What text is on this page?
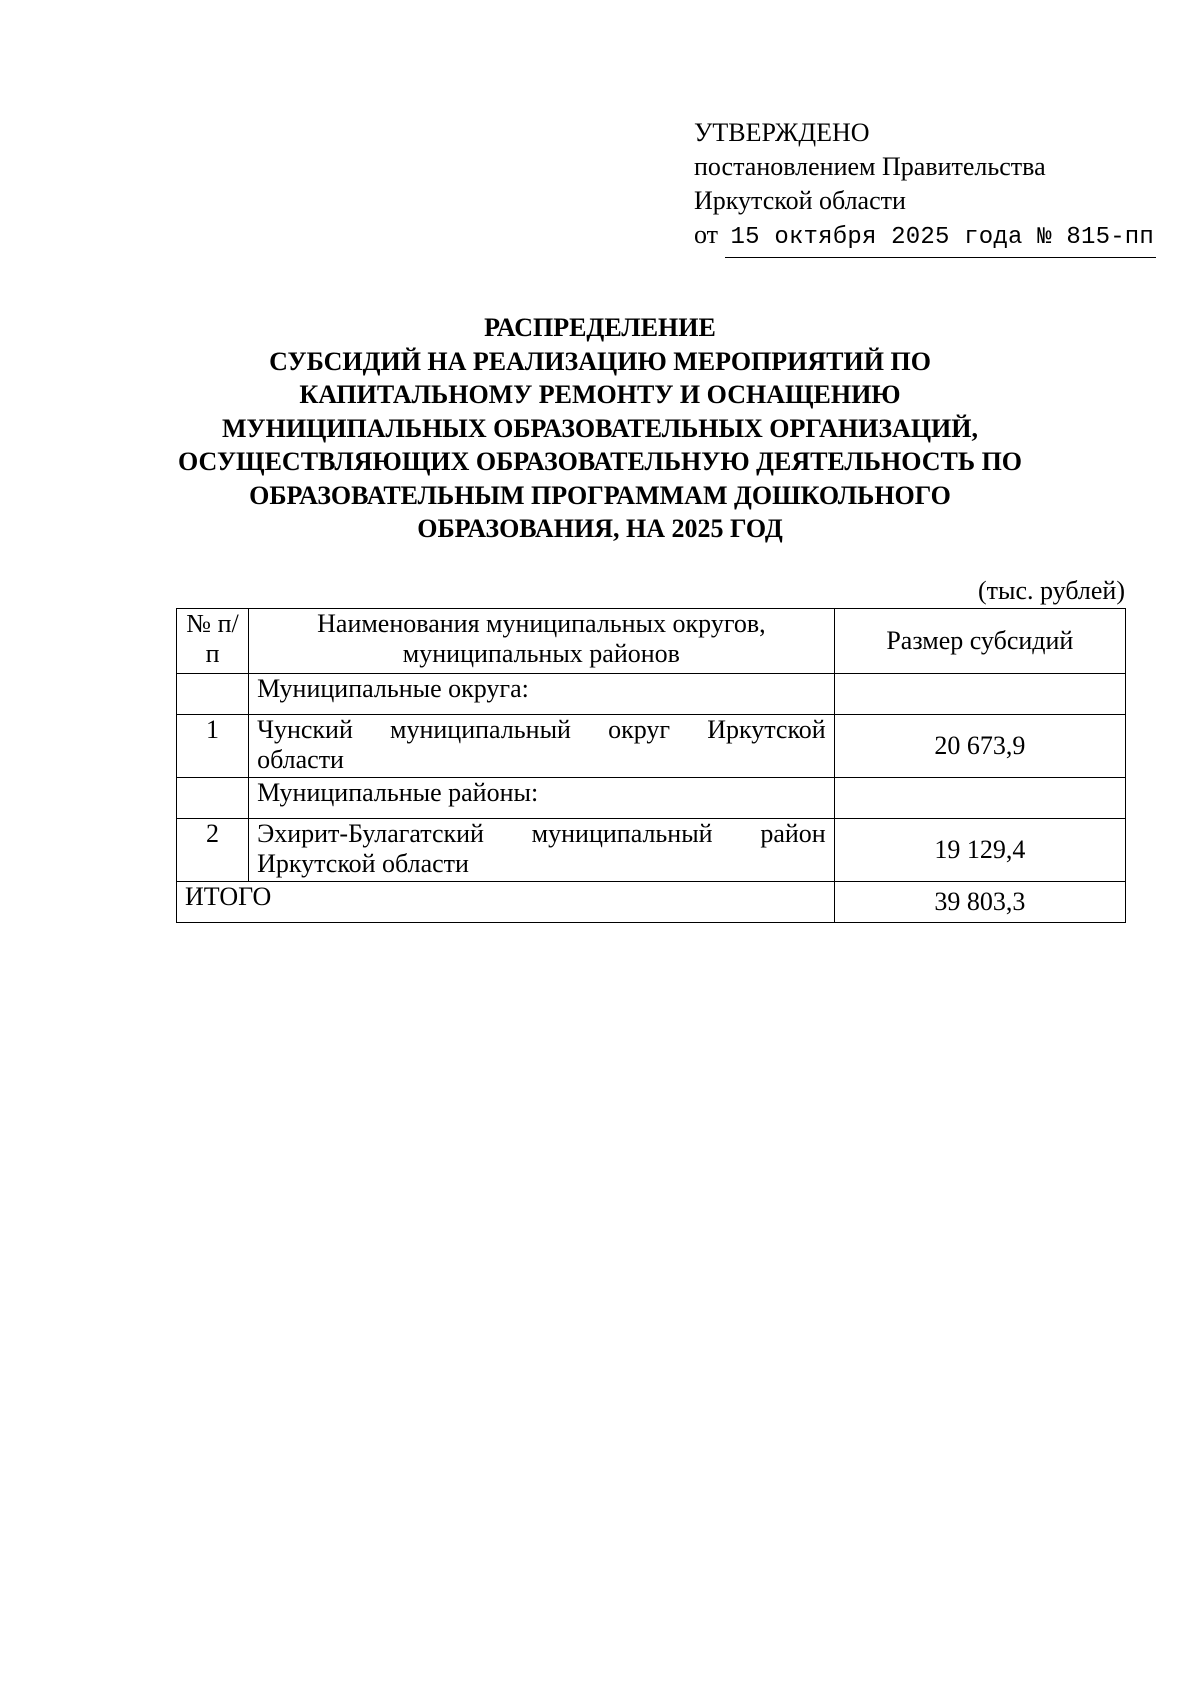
УТВЕРЖДЕНО
постановлением Правительства
Иркутской области
от 15 октября 2025 года № 815-пп
РАСПРЕДЕЛЕНИЕ
СУБСИДИЙ НА РЕАЛИЗАЦИЮ МЕРОПРИЯТИЙ ПО
КАПИТАЛЬНОМУ РЕМОНТУ И ОСНАЩЕНИЮ
МУНИЦИПАЛЬНЫХ ОБРАЗОВАТЕЛЬНЫХ ОРГАНИЗАЦИЙ,
ОСУЩЕСТВЛЯЮЩИХ ОБРАЗОВАТЕЛЬНУЮ ДЕЯТЕЛЬНОСТЬ ПО
ОБРАЗОВАТЕЛЬНЫМ ПРОГРАММАМ ДОШКОЛЬНОГО
ОБРАЗОВАНИЯ, НА 2025 ГОД
(тыс. рублей)
№ п/п	Наименования муниципальных округов, муниципальных районов	Размер субсидий
	Муниципальные округа:	
1	Чунский муниципальный округ Иркутской области	20 673,9
	Муниципальные районы:	
2	Эхирит-Булагатский муниципальный район Иркутской области	19 129,4
ИТОГО		39 803,3
